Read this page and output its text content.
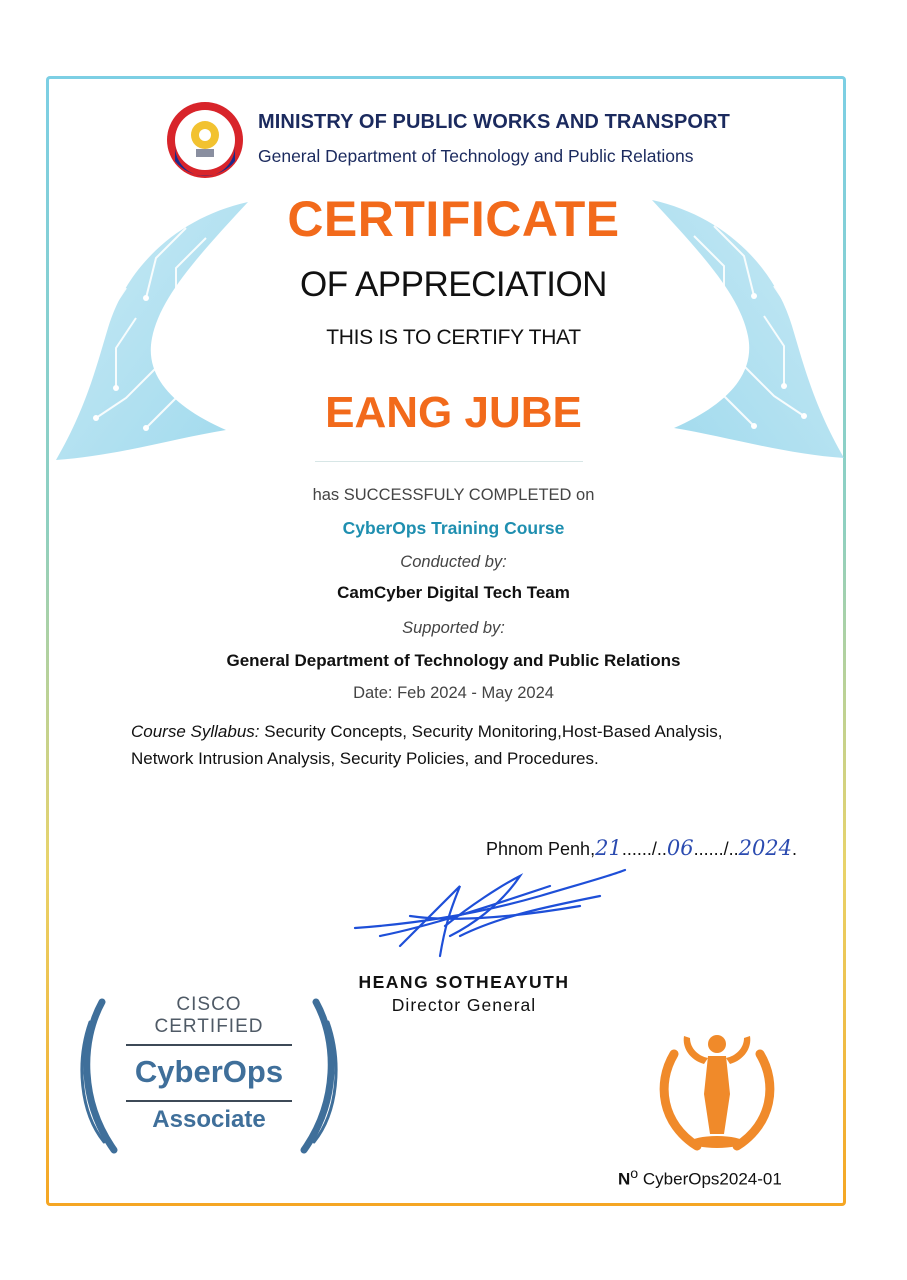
MINISTRY OF PUBLIC WORKS AND TRANSPORT
General Department of Technology and Public Relations
CERTIFICATE
OF APPRECIATION
THIS IS TO CERTIFY THAT
EANG JUBE
has SUCCESSFULY COMPLETED on
CyberOps Training Course
Conducted by:
CamCyber Digital Tech Team
Supported by:
General Department of Technology and Public Relations
Date: Feb 2024 - May 2024
Course Syllabus: Security Concepts, Security Monitoring,Host-Based Analysis,
Network Intrusion Analysis, Security Policies, and Procedures.
Phnom Penh,21....../..06....../..2024.
HEANG SOTHEAYUTH
Director General
CISCO
CERTIFIED
CyberOps
Associate
$N^o$ CyberOps2024-01
